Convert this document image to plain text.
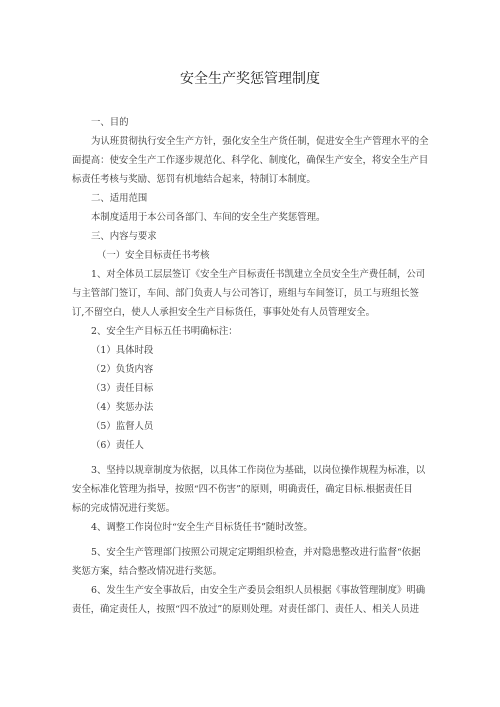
安全生产奖惩管理制度
一、目的
为认班贯彻执行安全生产方针，强化安全生产货任制，促进安全生产管理水平的全
面提高：使安全生产工作逐步规范化、科学化、制度化，确保生产安全，将安全生产目
标责任考核与奖励、惩罚有机地结合起来，特制订本制度。
二、适用范围
本制度适用于本公司各部门、车间的安全生产奖惩管理。
三、内容与要求
（一）安全目标责任书考核
1、对全体员工层层签订《安全生产目标责任书凯建立全员安全生产费任制，公司
与主管部门签订，车间、部门负责人与公司答订，班组与车间签订，员工与班组长签
订,不留空白，使人人承担安全生产目标货任，事事处处有人员管理安全。
2、安全生产目标五任书明确标注：
（1）具体时段
（2）负货内容
（3）责任目标
（4）奖惩办法
（5）监督人员
（6）责任人
3、坚持以规章制度为依据，以具体工作岗位为基础，以岗位操作规程为标准，以
安全标准化管理为指导，按照“四不伤害”的原则，明确责任，确定目标.根据责任目
标的完成情况进行奖惩。
4、调整工作岗位时“安全生产目标货任书”随时改签。
5、安全生产管理部门按照公司规定定期组织检查，并对隐患整改进行监督“依据
奖惩方案，结合整改情况进行奖惩。
6、发生生产安全事故后，由安全生产委员会组织人员根据《事故管理制度》明确
责任，确定责任人，按照“四不放过”的原则处理。对责任部门、责任人、相关人员进
